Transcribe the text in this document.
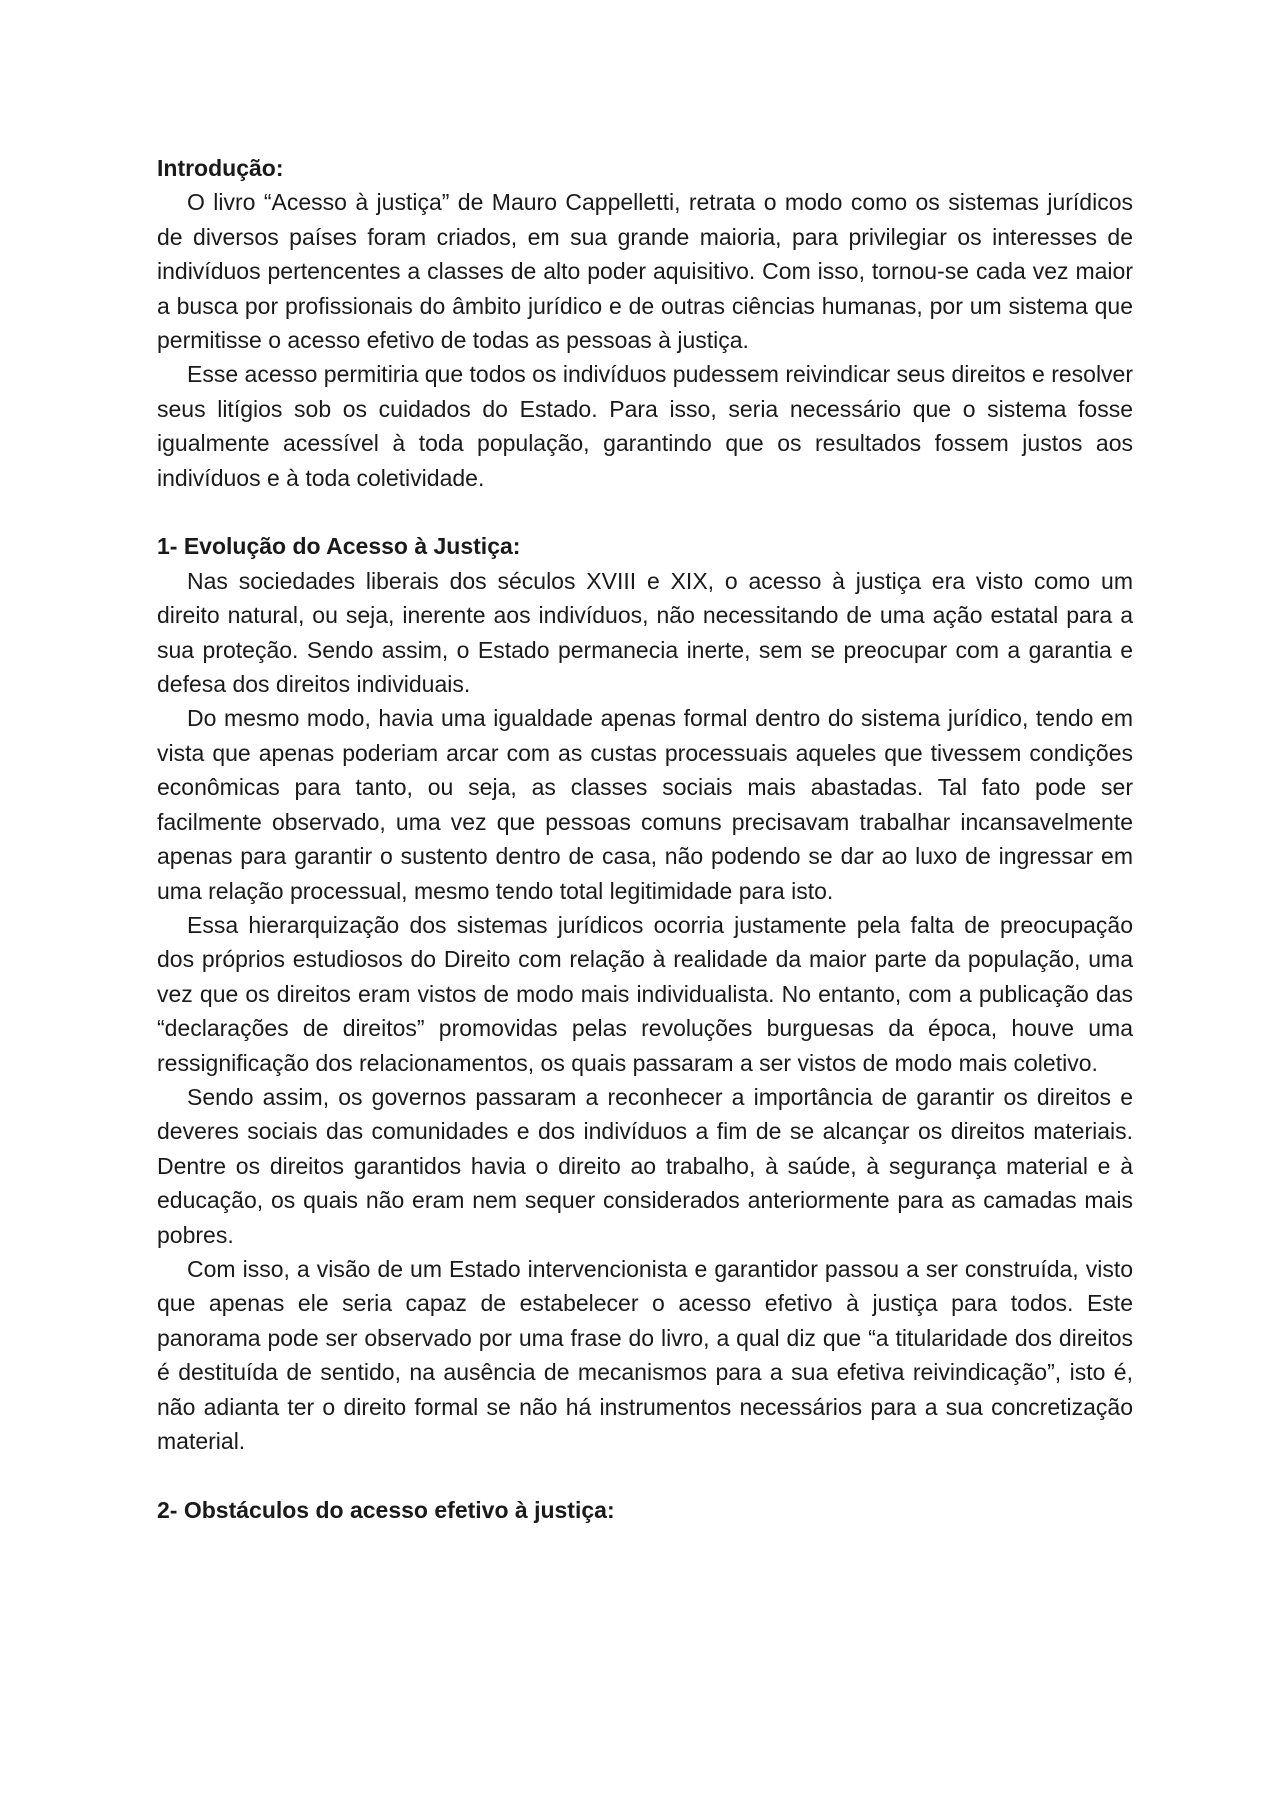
Introdução:

O livro “Acesso à justiça” de Mauro Cappelletti, retrata o modo como os sistemas jurídicos de diversos países foram criados, em sua grande maioria, para privilegiar os interesses de indivíduos pertencentes a classes de alto poder aquisitivo. Com isso, tornou-se cada vez maior a busca por profissionais do âmbito jurídico e de outras ciências humanas, por um sistema que permitisse o acesso efetivo de todas as pessoas à justiça.

Esse acesso permitiria que todos os indivíduos pudessem reivindicar seus direitos e resolver seus litígios sob os cuidados do Estado. Para isso, seria necessário que o sistema fosse igualmente acessível à toda população, garantindo que os resultados fossem justos aos indivíduos e à toda coletividade.

1- Evolução do Acesso à Justiça:

Nas sociedades liberais dos séculos XVIII e XIX, o acesso à justiça era visto como um direito natural, ou seja, inerente aos indivíduos, não necessitando de uma ação estatal para a sua proteção. Sendo assim, o Estado permanecia inerte, sem se preocupar com a garantia e defesa dos direitos individuais.

Do mesmo modo, havia uma igualdade apenas formal dentro do sistema jurídico, tendo em vista que apenas poderiam arcar com as custas processuais aqueles que tivessem condições econômicas para tanto, ou seja, as classes sociais mais abastadas. Tal fato pode ser facilmente observado, uma vez que pessoas comuns precisavam trabalhar incansavelmente apenas para garantir o sustento dentro de casa, não podendo se dar ao luxo de ingressar em uma relação processual, mesmo tendo total legitimidade para isto.

Essa hierarquização dos sistemas jurídicos ocorria justamente pela falta de preocupação dos próprios estudiosos do Direito com relação à realidade da maior parte da população, uma vez que os direitos eram vistos de modo mais individualista. No entanto, com a publicação das “declarações de direitos” promovidas pelas revoluções burguesas da época, houve uma ressignificação dos relacionamentos, os quais passaram a ser vistos de modo mais coletivo.

Sendo assim, os governos passaram a reconhecer a importância de garantir os direitos e deveres sociais das comunidades e dos indivíduos a fim de se alcançar os direitos materiais. Dentre os direitos garantidos havia o direito ao trabalho, à saúde, à segurança material e à educação, os quais não eram nem sequer considerados anteriormente para as camadas mais pobres.

Com isso, a visão de um Estado intervencionista e garantidor passou a ser construída, visto que apenas ele seria capaz de estabelecer o acesso efetivo à justiça para todos. Este panorama pode ser observado por uma frase do livro, a qual diz que “a titularidade dos direitos é destituída de sentido, na ausência de mecanismos para a sua efetiva reivindicação”, isto é, não adianta ter o direito formal se não há instrumentos necessários para a sua concretização material.

2- Obstáculos do acesso efetivo à justiça:
